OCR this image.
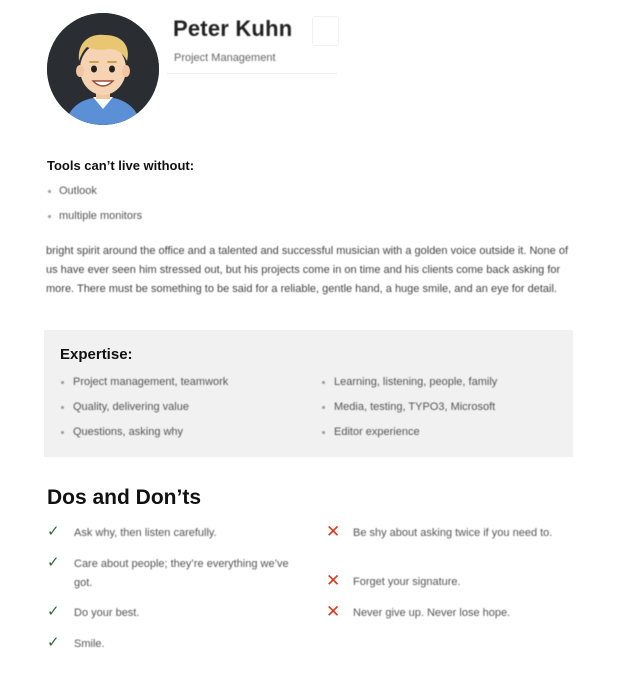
Peter Kuhn
Project Management
Tools can’t live without:
Outlook
multiple monitors
bright spirit around the office and a talented and successful musician with a golden voice outside it. None of us have ever seen him stressed out, but his projects come in on time and his clients come back asking for more. There must be something to be said for a reliable, gentle hand, a huge smile, and an eye for detail.
Expertise:
Project management, teamwork
Quality, delivering value
Questions, asking why
Learning, listening, people, family
Media, testing, TYPO3, Microsoft
Editor experience
Dos and Don’ts
✓	Ask why, then listen carefully.
✓	Care about people; they’re everything we’ve got.
✓	Do your best.
✓	Smile.
✕ Be shy about asking twice if you need to.
✕ Forget your signature.
✕ Never give up. Never lose hope.
